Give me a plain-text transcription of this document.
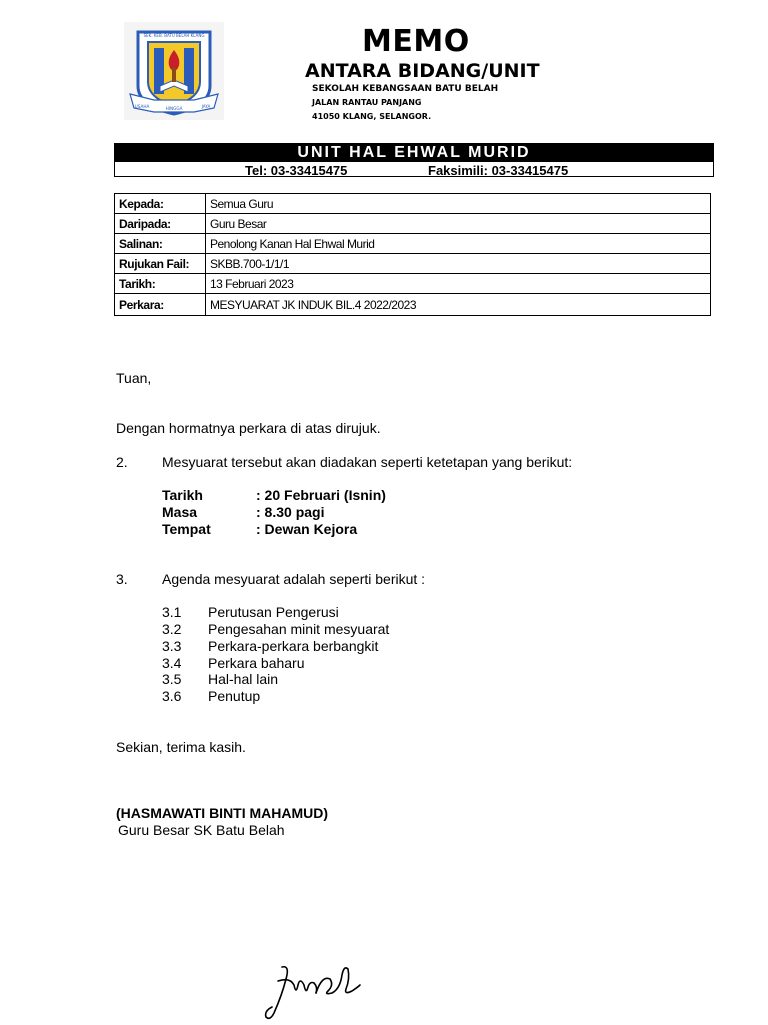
SEK. KEB. BATU BELAH KLANG
USAHA	HINGGA	JAYA
MEMO
ANTARA BIDANG/UNIT
SEKOLAH KEBANGSAAN BATU BELAH
JALAN RANTAU PANJANG
41050 KLANG, SELANGOR.
UNIT HAL EHWAL MURID
Tel: 03-33415475	Faksimili: 03-33415475
Kepada:	Semua Guru
Daripada:	Guru Besar
Salinan:	Penolong Kanan Hal Ehwal Murid
Rujukan Fail:	SKBB.700-1/1/1
Tarikh:	13 Februari 2023
Perkara:	MESYUARAT JK INDUK BIL.4 2022/2023
Tuan,
Dengan hormatnya perkara di atas dirujuk.
2. Mesyuarat tersebut akan diadakan seperti ketetapan yang berikut:
Tarikh	: 20 Februari (Isnin)
Masa	: 8.30 pagi
Tempat	: Dewan Kejora
3. Agenda mesyuarat adalah seperti berikut :
3.1 Perutusan Pengerusi
3.2 Pengesahan minit mesyuarat
3.3 Perkara-perkara berbangkit
3.4 Perkara baharu
3.5 Hal-hal lain
3.6 Penutup
Sekian, terima kasih.
(HASMAWATI BINTI MAHAMUD)
Guru Besar SK Batu Belah
